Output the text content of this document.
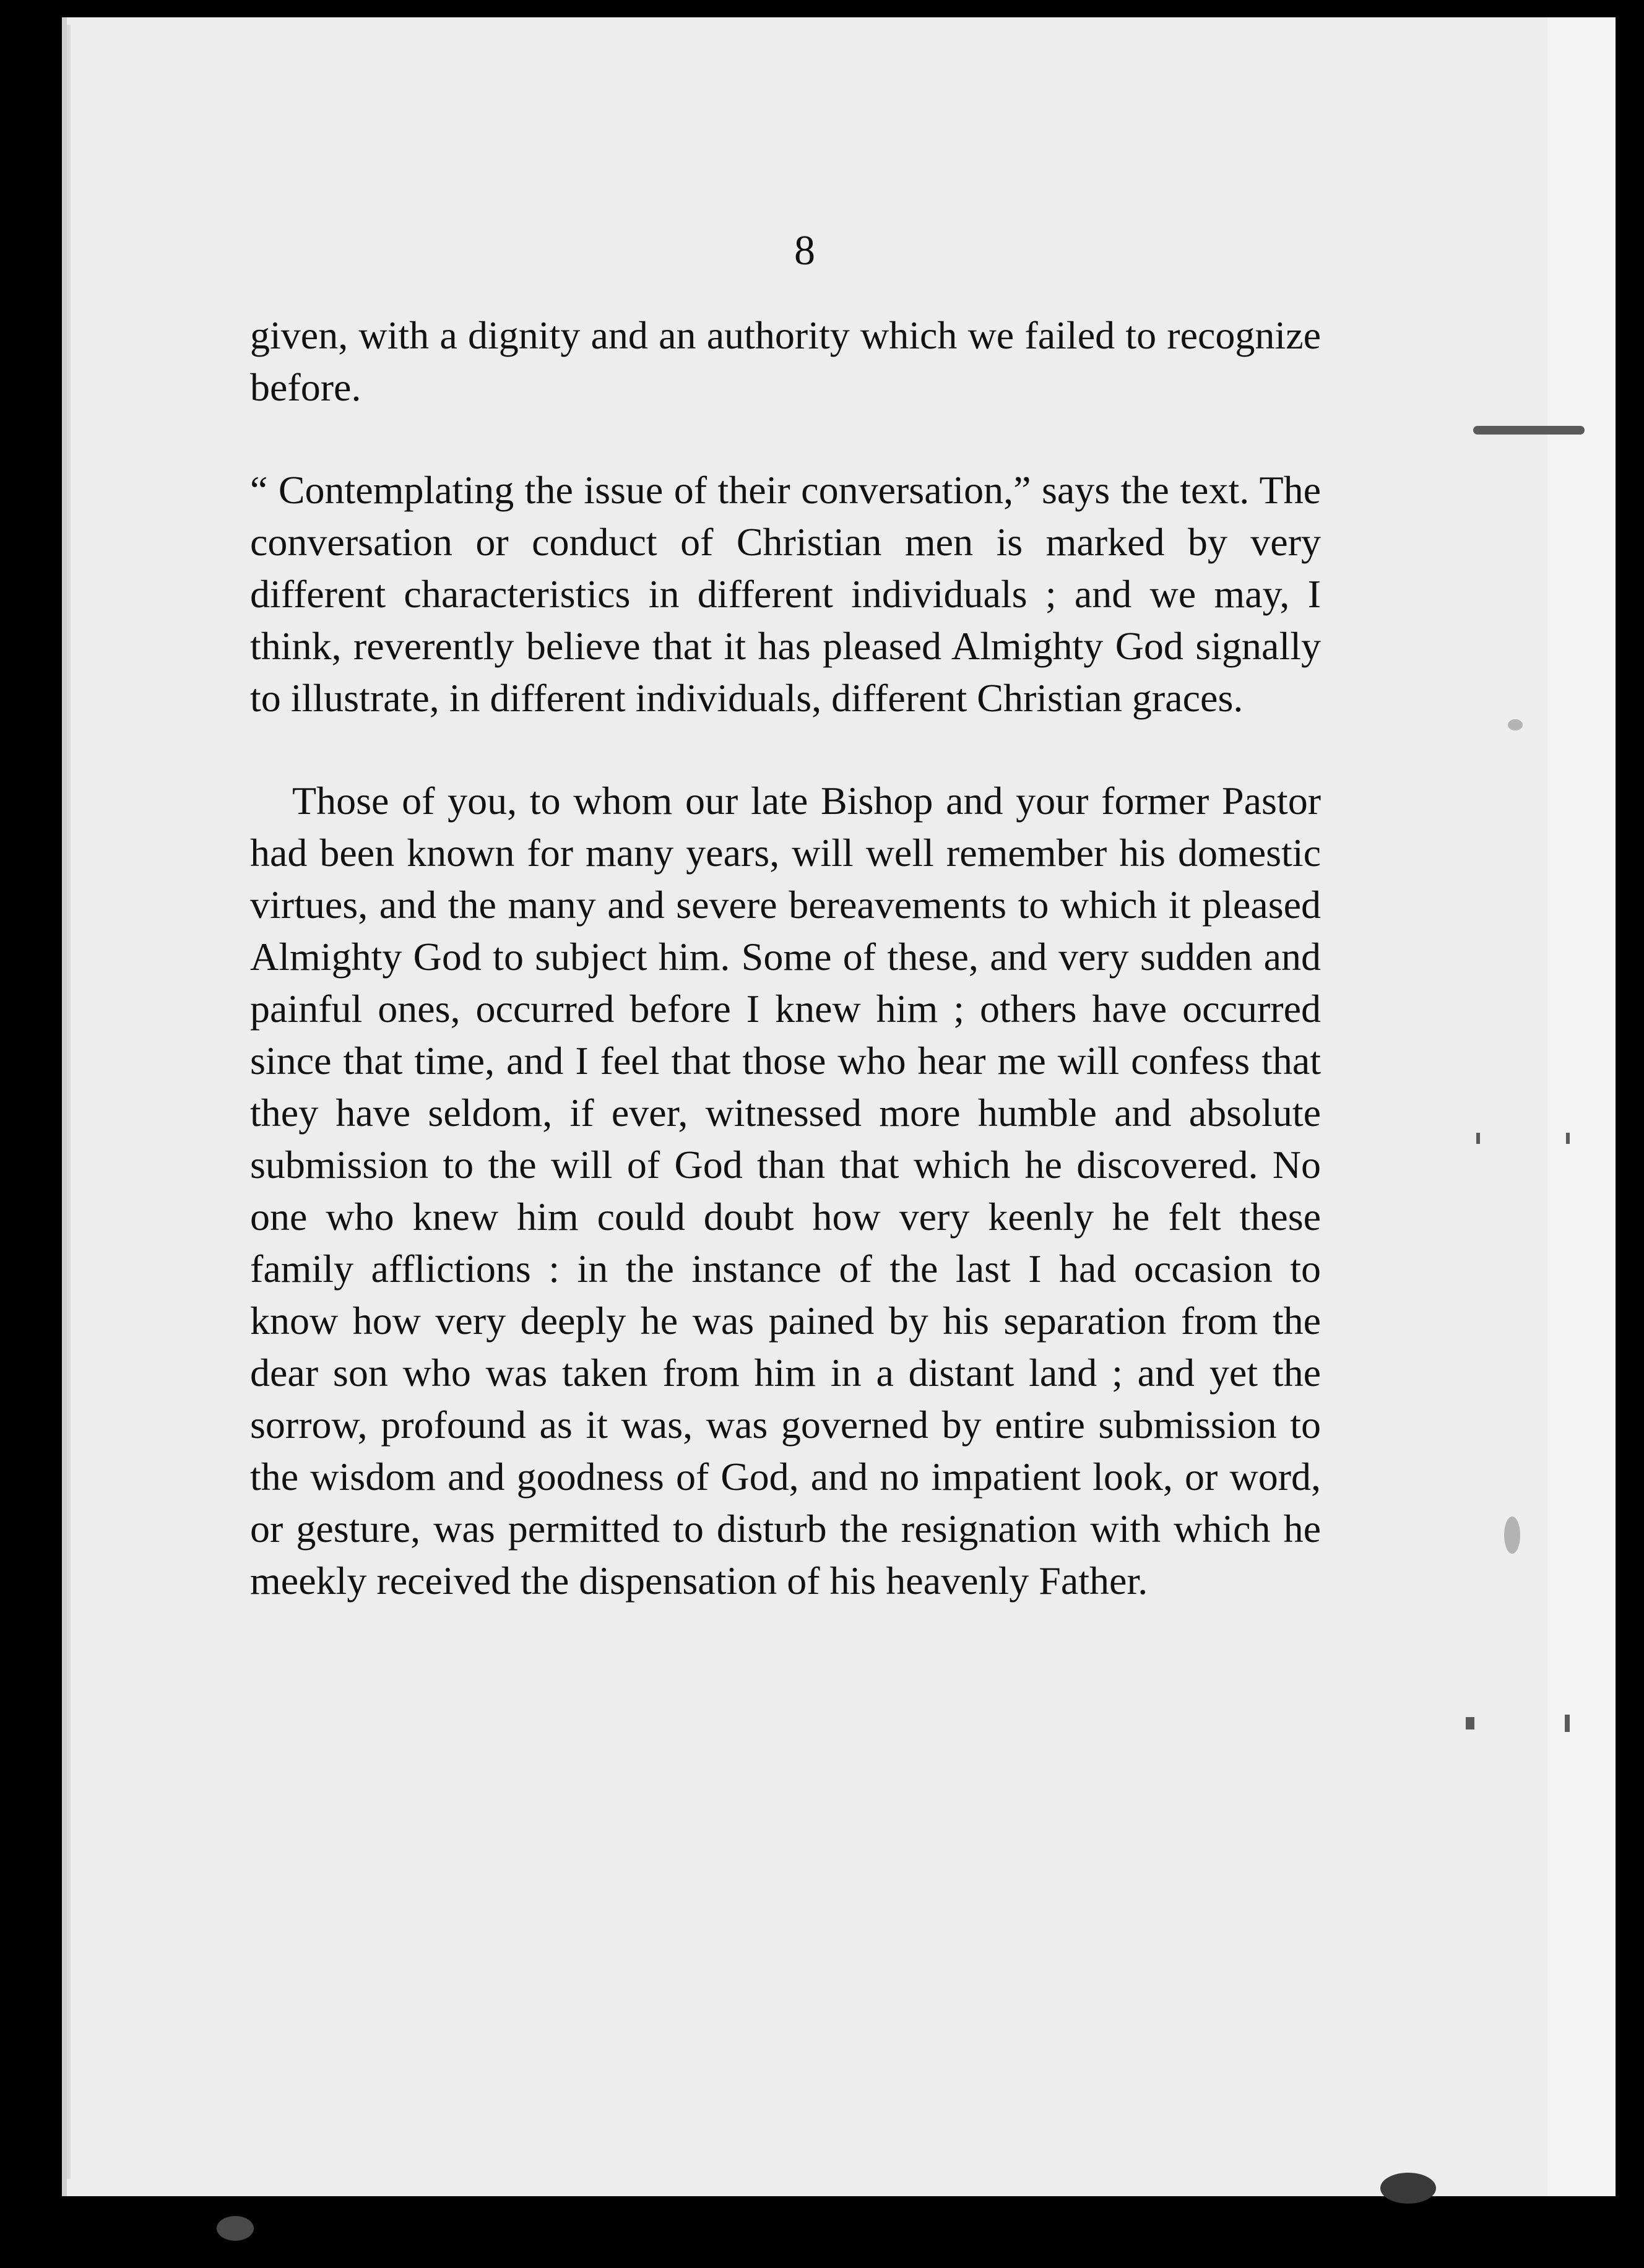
8

given, with a dignity and an authority which we failed to recognize before.

“ Contemplating the issue of their conversation,” says the text. The conversation or conduct of Christian men is marked by very different characteristics in different individuals ; and we may, I think, reverently believe that it has pleased Almighty God signally to illustrate, in different individuals, different Christian graces.

Those of you, to whom our late Bishop and your former Pastor had been known for many years, will well remember his domestic virtues, and the many and severe bereavements to which it pleased Almighty God to subject him. Some of these, and very sudden and painful ones, occurred before I knew him ; others have occurred since that time, and I feel that those who hear me will confess that they have seldom, if ever, witnessed more humble and absolute submission to the will of God than that which he discovered. No one who knew him could doubt how very keenly he felt these family afflictions : in the instance of the last I had occasion to know how very deeply he was pained by his separation from the dear son who was taken from him in a distant land ; and yet the sorrow, profound as it was, was governed by entire submission to the wisdom and goodness of God, and no impatient look, or word, or gesture, was permitted to disturb the resignation with which he meekly received the dispensation of his heavenly Father.
